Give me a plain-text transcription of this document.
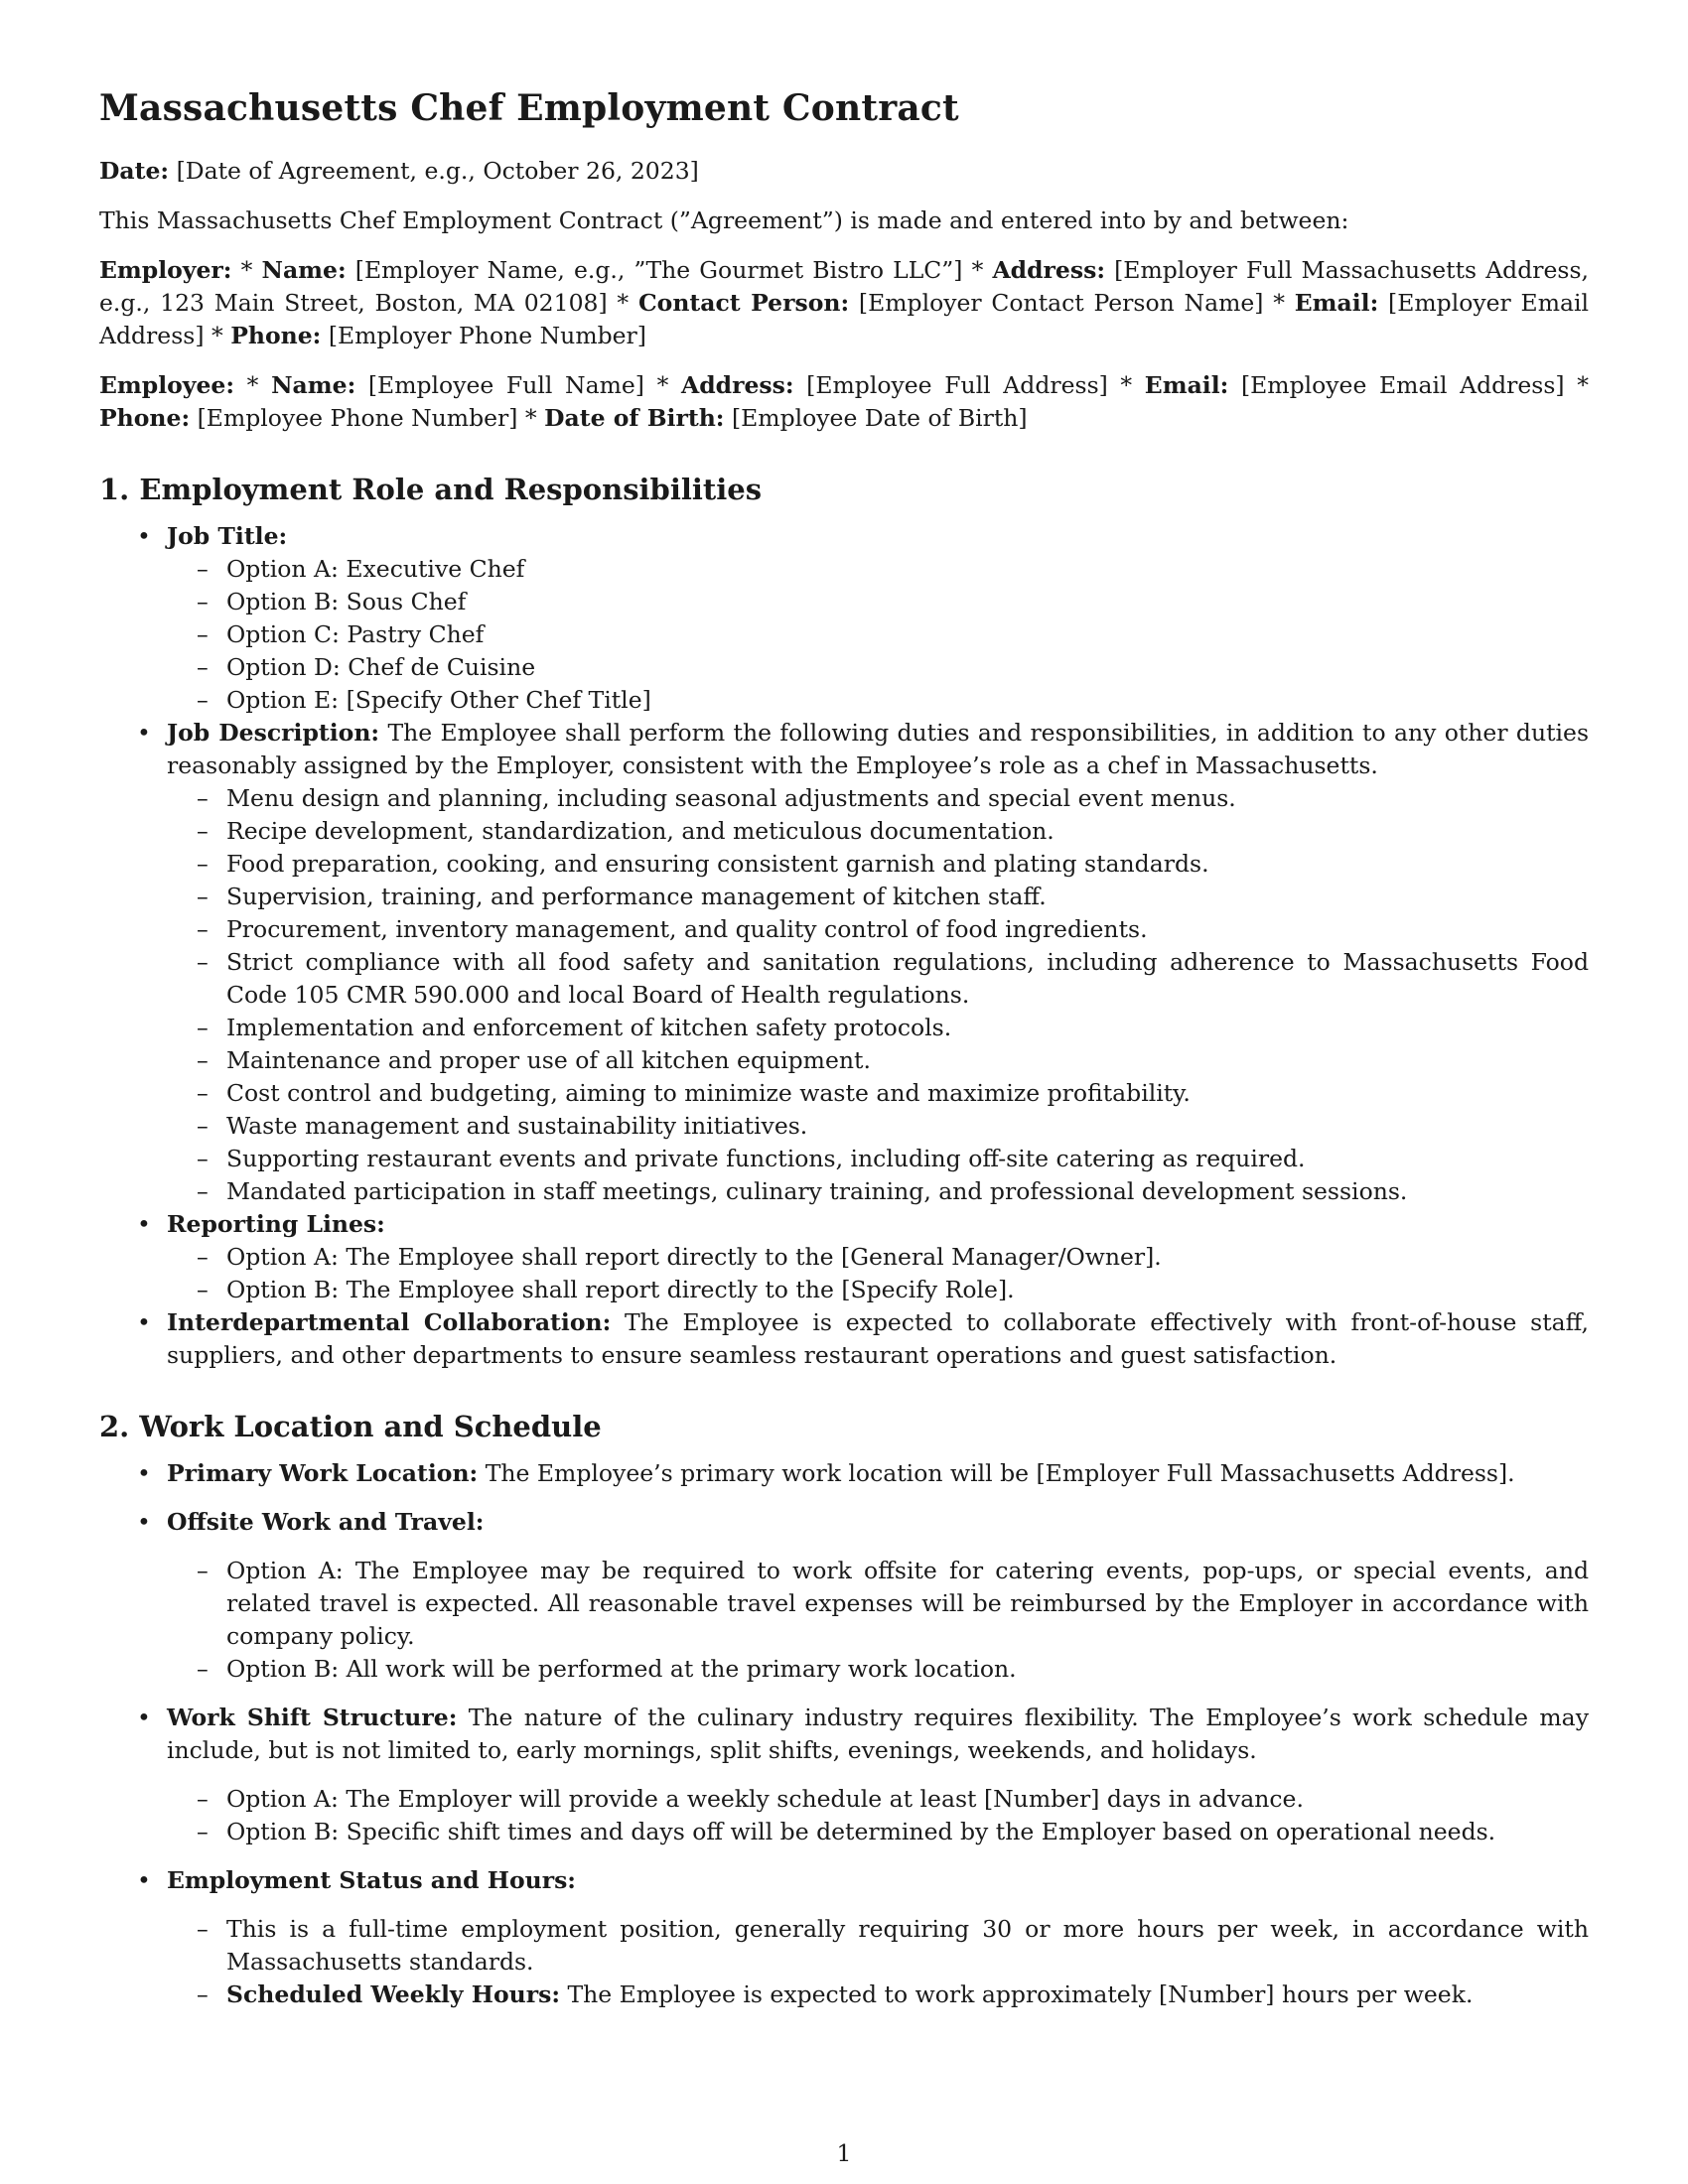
Massachusetts Chef Employment Contract

Date: [Date of Agreement, e.g., October 26, 2023]

This Massachusetts Chef Employment Contract (”Agreement”) is made and entered into by and between:

Employer: * Name: [Employer Name, e.g., ”The Gourmet Bistro LLC”] * Address: [Employer Full Massachusetts Address, e.g., 123 Main Street, Boston, MA 02108] * Contact Person: [Employer Contact Person Name] * Email: [Employer Email Address] * Phone: [Employer Phone Number]

Employee: * Name: [Employee Full Name] * Address: [Employee Full Address] * Email: [Employee Email Address] * Phone: [Employee Phone Number] * Date of Birth: [Employee Date of Birth]

1. Employment Role and Responsibilities
• Job Title:
– Option A: Executive Chef
– Option B: Sous Chef
– Option C: Pastry Chef
– Option D: Chef de Cuisine
– Option E: [Specify Other Chef Title]
• Job Description: The Employee shall perform the following duties and responsibilities, in addition to any other duties reasonably assigned by the Employer, consistent with the Employee’s role as a chef in Massachusetts.
– Menu design and planning, including seasonal adjustments and special event menus.
– Recipe development, standardization, and meticulous documentation.
– Food preparation, cooking, and ensuring consistent garnish and plating standards.
– Supervision, training, and performance management of kitchen staff.
– Procurement, inventory management, and quality control of food ingredients.
– Strict compliance with all food safety and sanitation regulations, including adherence to Massachusetts Food Code 105 CMR 590.000 and local Board of Health regulations.
– Implementation and enforcement of kitchen safety protocols.
– Maintenance and proper use of all kitchen equipment.
– Cost control and budgeting, aiming to minimize waste and maximize profitability.
– Waste management and sustainability initiatives.
– Supporting restaurant events and private functions, including off-site catering as required.
– Mandated participation in staff meetings, culinary training, and professional development sessions.
• Reporting Lines:
– Option A: The Employee shall report directly to the [General Manager/Owner].
– Option B: The Employee shall report directly to the [Specify Role].
• Interdepartmental Collaboration: The Employee is expected to collaborate effectively with front-of-house staff, suppliers, and other departments to ensure seamless restaurant operations and guest satisfaction.
2. Work Location and Schedule
• Primary Work Location: The Employee’s primary work location will be [Employer Full Massachusetts Address].
• Offsite Work and Travel:
– Option A: The Employee may be required to work offsite for catering events, pop-ups, or special events, and related travel is expected. All reasonable travel expenses will be reimbursed by the Employer in accordance with company policy.
– Option B: All work will be performed at the primary work location.
• Work Shift Structure: The nature of the culinary industry requires flexibility. The Employee’s work schedule may include, but is not limited to, early mornings, split shifts, evenings, weekends, and holidays.
– Option A: The Employer will provide a weekly schedule at least [Number] days in advance.
– Option B: Specific shift times and days off will be determined by the Employer based on operational needs.
• Employment Status and Hours:
– This is a full-time employment position, generally requiring 30 or more hours per week, in accordance with Massachusetts standards.
– Scheduled Weekly Hours: The Employee is expected to work approximately [Number] hours per week.
1
